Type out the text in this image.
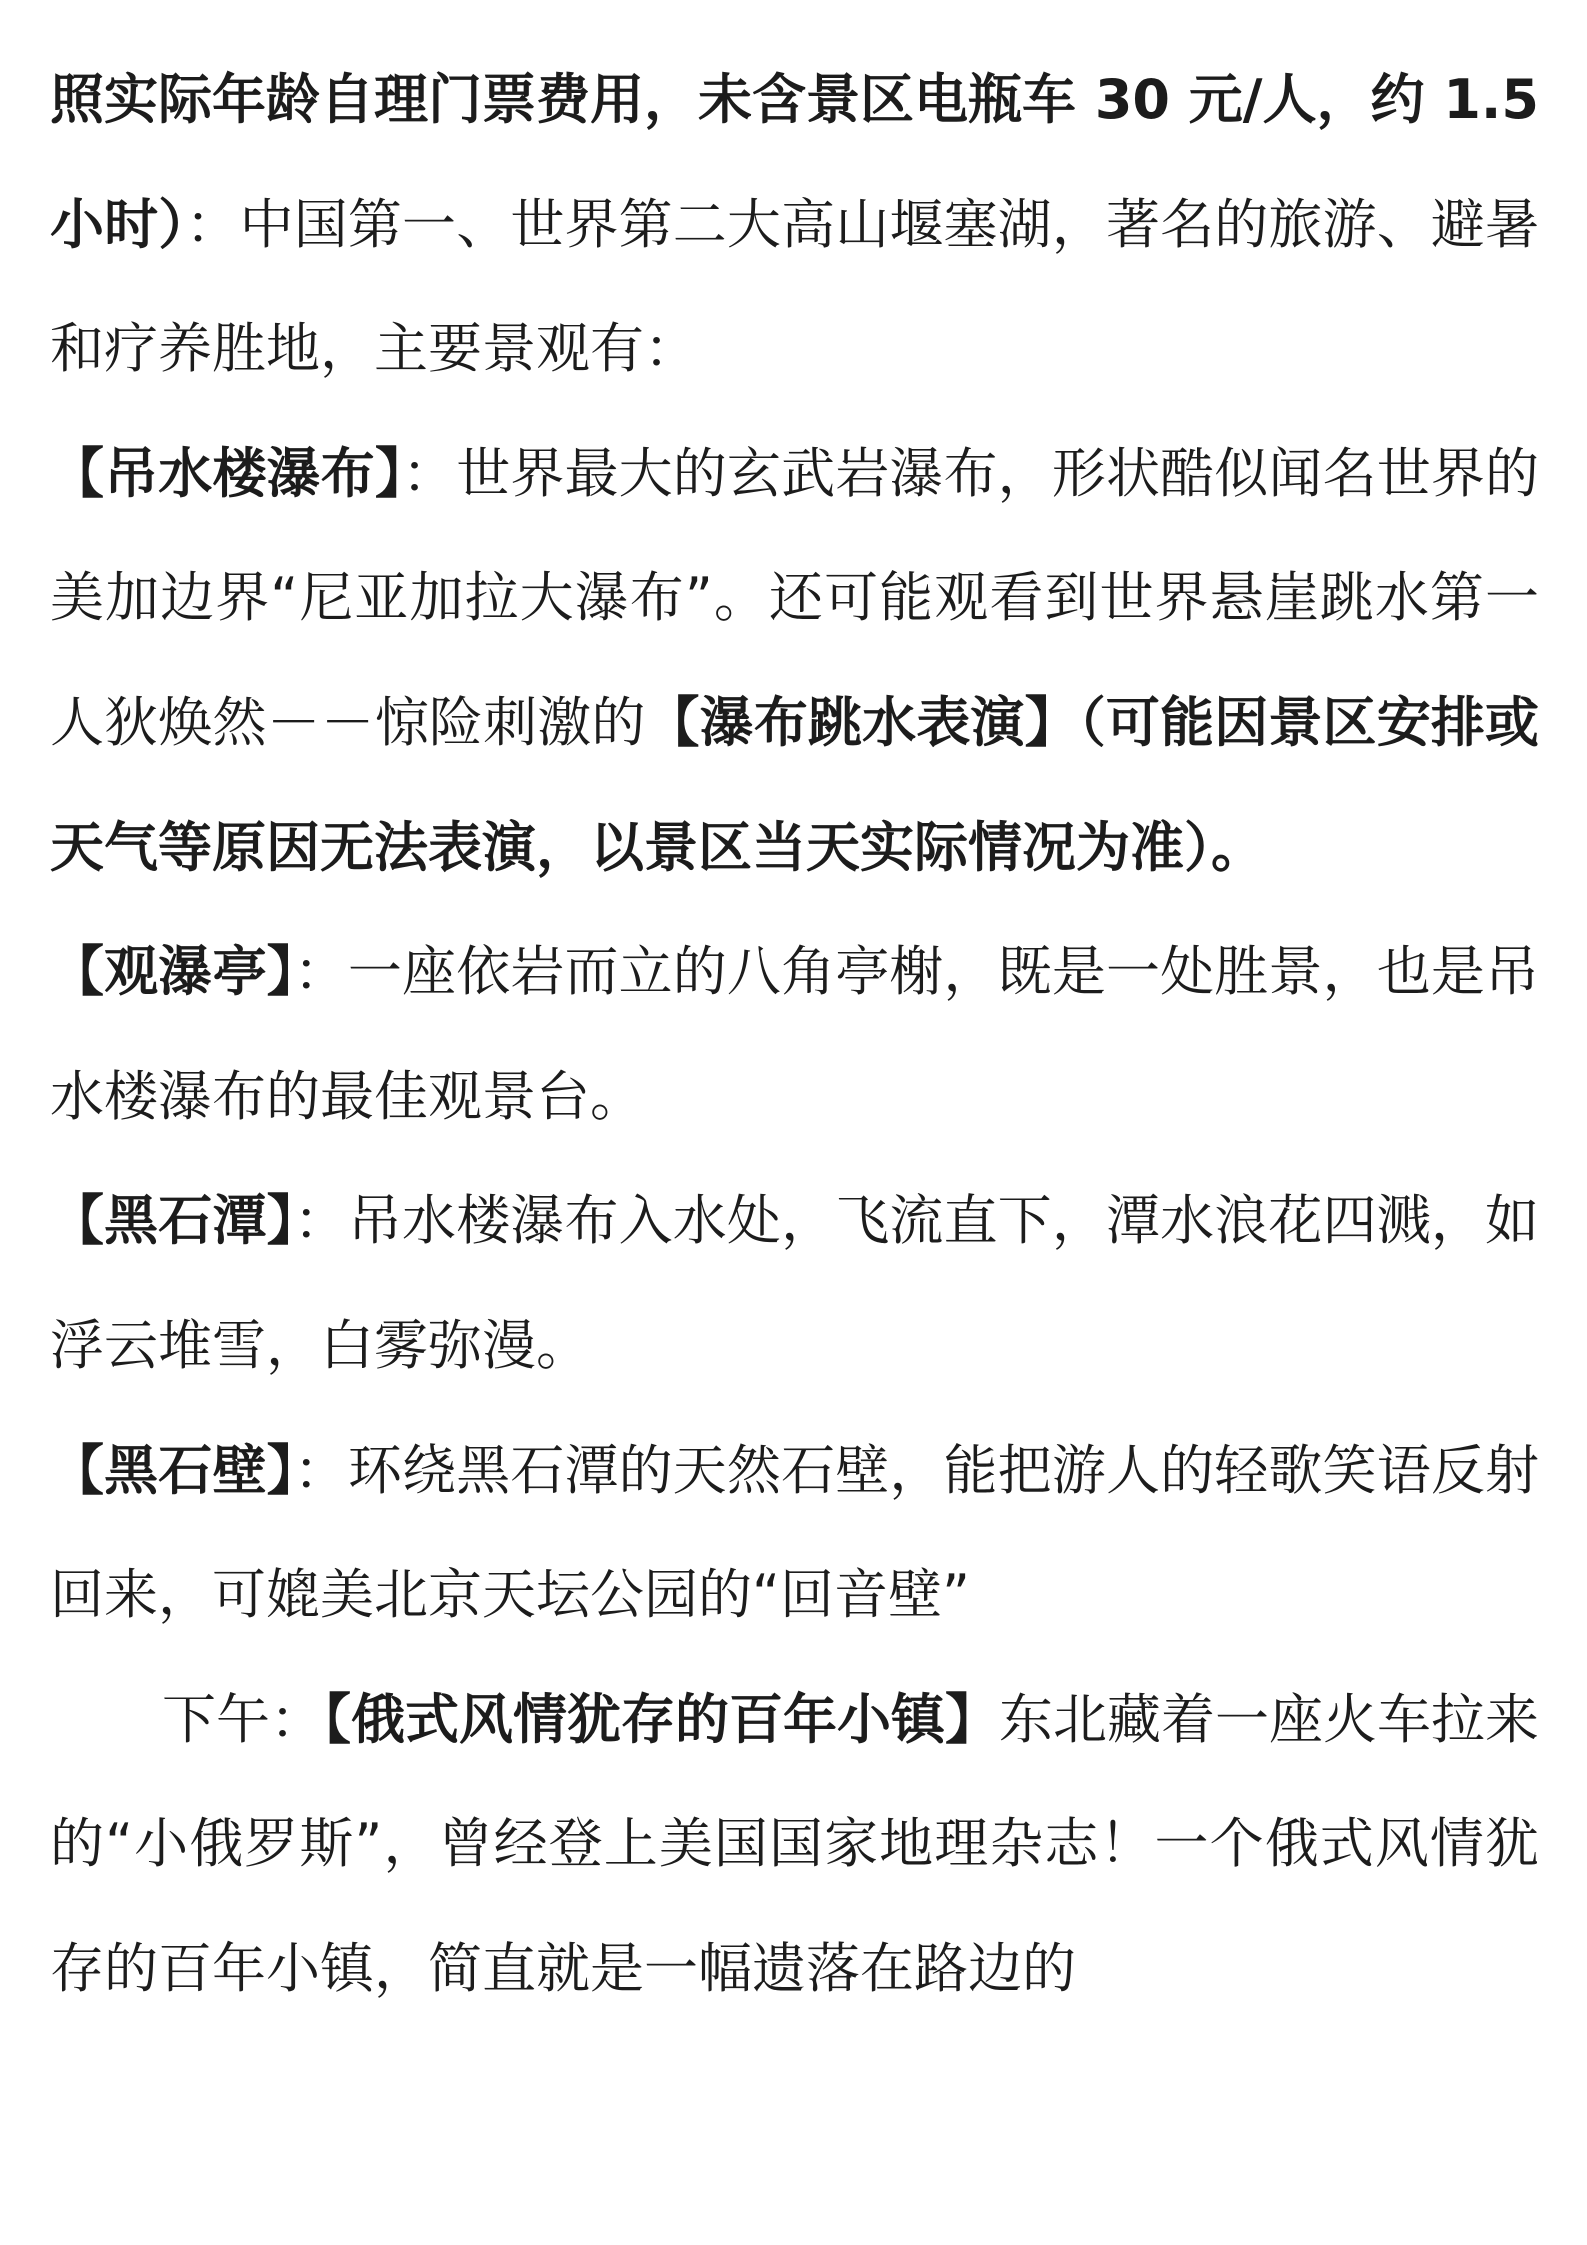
照实际年龄自理门票费用，未含景区电瓶车 30 元/人，约 1.5 小时）：中国第一、世界第二大高山堰塞湖，著名的旅游、避暑和疗养胜地，主要景观有：

【吊水楼瀑布】：世界最大的玄武岩瀑布，形状酷似闻名世界的美加边界“尼亚加拉大瀑布”。还可能观看到世界悬崖跳水第一人狄焕然－－惊险刺激的【瀑布跳水表演】（可能因景区安排或天气等原因无法表演，以景区当天实际情况为准）。

【观瀑亭】：一座依岩而立的八角亭榭，既是一处胜景，也是吊水楼瀑布的最佳观景台。

【黑石潭】：吊水楼瀑布入水处，飞流直下，潭水浪花四溅，如浮云堆雪，白雾弥漫。

【黑石壁】：环绕黑石潭的天然石壁，能把游人的轻歌笑语反射回来，可媲美北京天坛公园的“回音壁”

下午：【俄式风情犹存的百年小镇】东北藏着一座火车拉来的“小俄罗斯”，曾经登上美国国家地理杂志！一个俄式风情犹存的百年小镇，简直就是一幅遗落在路边的
